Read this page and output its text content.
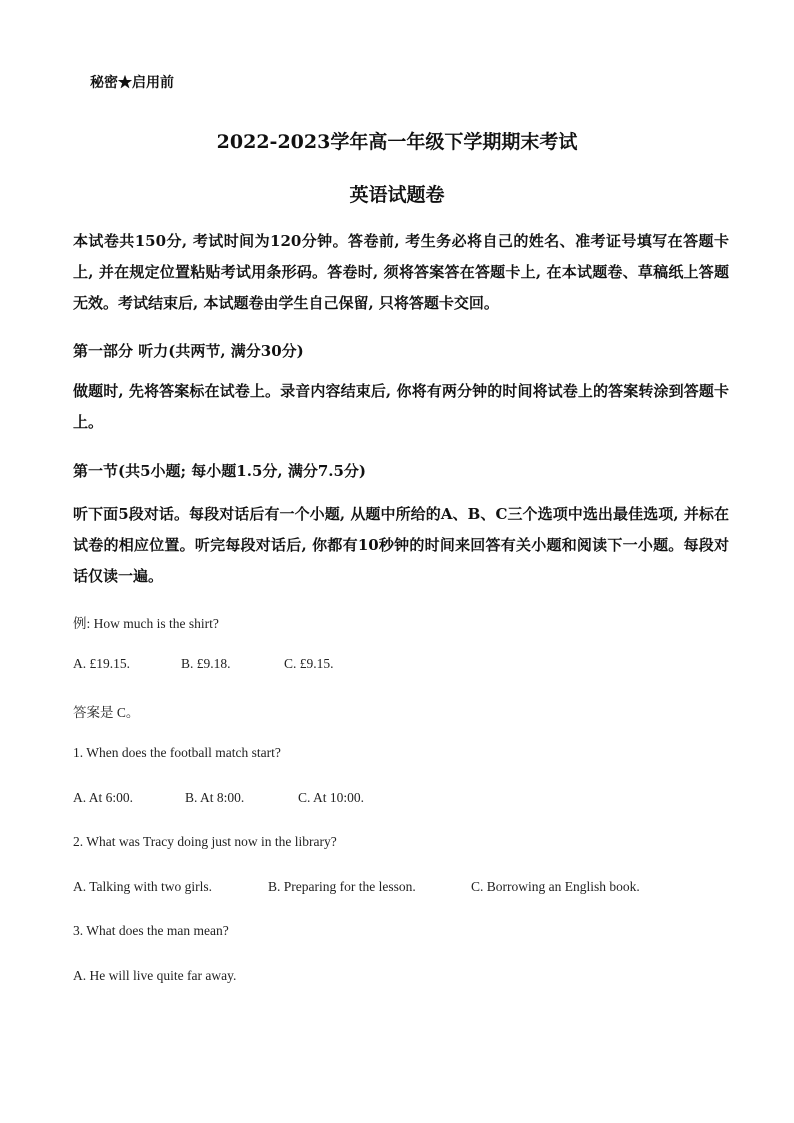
秘密★启用前
2022-2023学年高一年级下学期期末考试
英语试题卷
本试卷共150分, 考试时间为120分钟。答卷前, 考生务必将自己的姓名、准考证号填写在答题卡上, 并在规定位置粘贴考试用条形码。答卷时, 须将答案答在答题卡上, 在本试题卷、草稿纸上答题无效。考试结束后, 本试题卷由学生自己保留, 只将答题卡交回。
第一部分 听力(共两节, 满分30分)
做题时, 先将答案标在试卷上。录音内容结束后, 你将有两分钟的时间将试卷上的答案转涂到答题卡上。
第一节(共5小题; 每小题1.5分, 满分7.5分)
听下面5段对话。每段对话后有一个小题, 从题中所给的A、B、C三个选项中选出最佳选项, 并标在试卷的相应位置。听完每段对话后, 你都有10秒钟的时间来回答有关小题和阅读下一小题。每段对话仅读一遍。
例: How much is the shirt?
A. £19.15.	B. £9.18.	C. £9.15.
答案是 C。
1. When does the football match start?
A. At 6:00.	B. At 8:00.	C. At 10:00.
2. What was Tracy doing just now in the library?
A. Talking with two girls.	B. Preparing for the lesson.	C. Borrowing an English book.
3. What does the man mean?
A. He will live quite far away.
